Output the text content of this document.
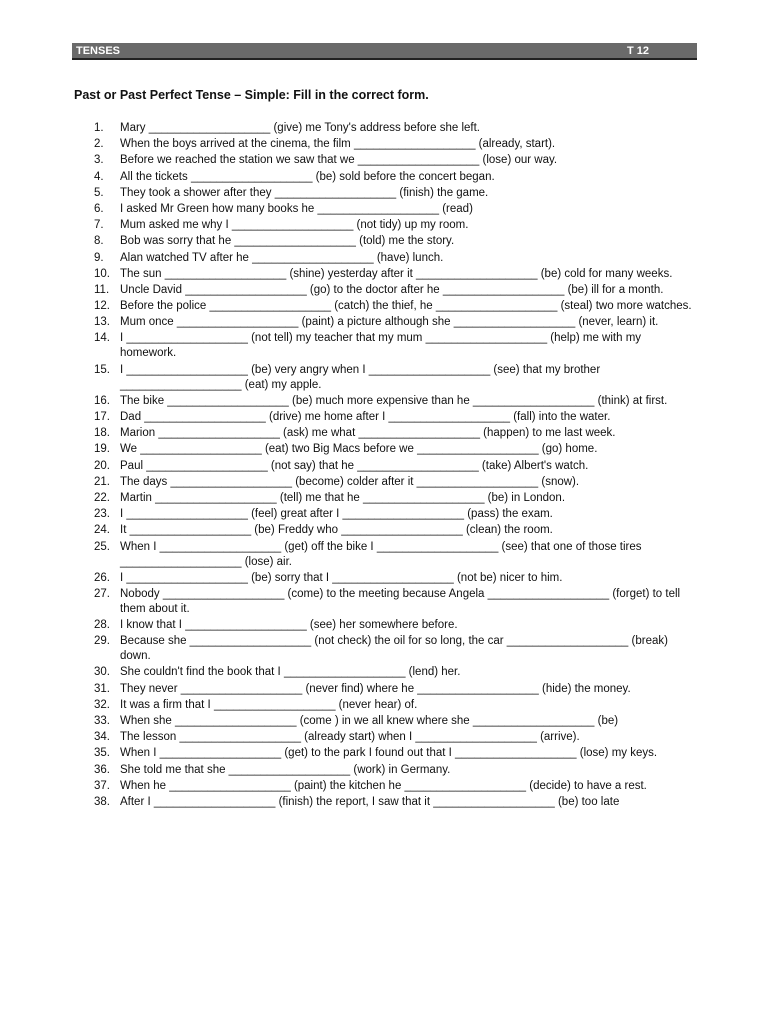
TENSES	T 12
Past or Past Perfect Tense – Simple: Fill in the correct form.
1.	Mary ___________________ (give) me Tony's address before she left.
2.	When the boys arrived at the cinema, the film ___________________ (already, start).
3.	Before we reached the station we saw that we ___________________ (lose) our way.
4.	All the tickets ___________________ (be) sold before the concert began.
5.	They took a shower after they ___________________ (finish) the game.
6.	I asked Mr Green how many books he ___________________ (read)
7.	Mum asked me why I ___________________ (not tidy) up my room.
8.	Bob was sorry that he ___________________ (told) me the story.
9.	Alan watched TV after he ___________________ (have) lunch.
10. The sun ___________________ (shine) yesterday after it ___________________ (be) cold for many weeks.
11. Uncle David ___________________ (go) to the doctor after he ___________________ (be) ill for a month.
12. Before the police ___________________ (catch) the thief, he ___________________ (steal) two more watches.
13. Mum once ___________________ (paint) a picture although she ___________________ (never, learn) it.
14. I ___________________ (not tell) my teacher that my mum ___________________ (help) me with my homework.
15. I ___________________ (be) very angry when I ___________________ (see) that my brother ___________________ (eat) my apple.
16. The bike ___________________ (be) much more expensive than he ___________________ (think) at first.
17. Dad ___________________ (drive) me home after I ___________________ (fall) into the water.
18. Marion ___________________ (ask) me what ___________________ (happen) to me last week.
19. We ___________________ (eat) two Big Macs before we ___________________ (go) home.
20. Paul ___________________ (not say) that he ___________________ (take) Albert's watch.
21. The days ___________________ (become) colder after it ___________________ (snow).
22. Martin ___________________ (tell) me that he ___________________ (be) in London.
23. I ___________________ (feel) great after I ___________________ (pass) the exam.
24. It ___________________ (be) Freddy who ___________________ (clean) the room.
25. When I ___________________ (get) off the bike I ___________________ (see) that one of those tires ___________________ (lose) air.
26. I ___________________ (be) sorry that I ___________________ (not be) nicer to him.
27. Nobody ___________________ (come) to the meeting because Angela ___________________ (forget) to tell them about it.
28. I know that I ___________________ (see) her somewhere before.
29. Because she ___________________ (not check) the oil for so long, the car ___________________ (break) down.
30. She couldn't find the book that I ___________________ (lend) her.
31. They never ___________________ (never find) where he ___________________ (hide) the money.
32. It was a firm that I ___________________ (never hear) of.
33. When she ___________________ (come ) in we all knew where she ___________________ (be)
34. The lesson ___________________ (already start) when I ___________________ (arrive).
35. When I ___________________ (get) to the park I found out that I ___________________ (lose) my keys.
36. She told me that she ___________________ (work) in Germany.
37. When he ___________________ (paint) the kitchen he ___________________ (decide) to have a rest.
38. After I ___________________ (finish) the report, I saw that it ___________________ (be) too late
